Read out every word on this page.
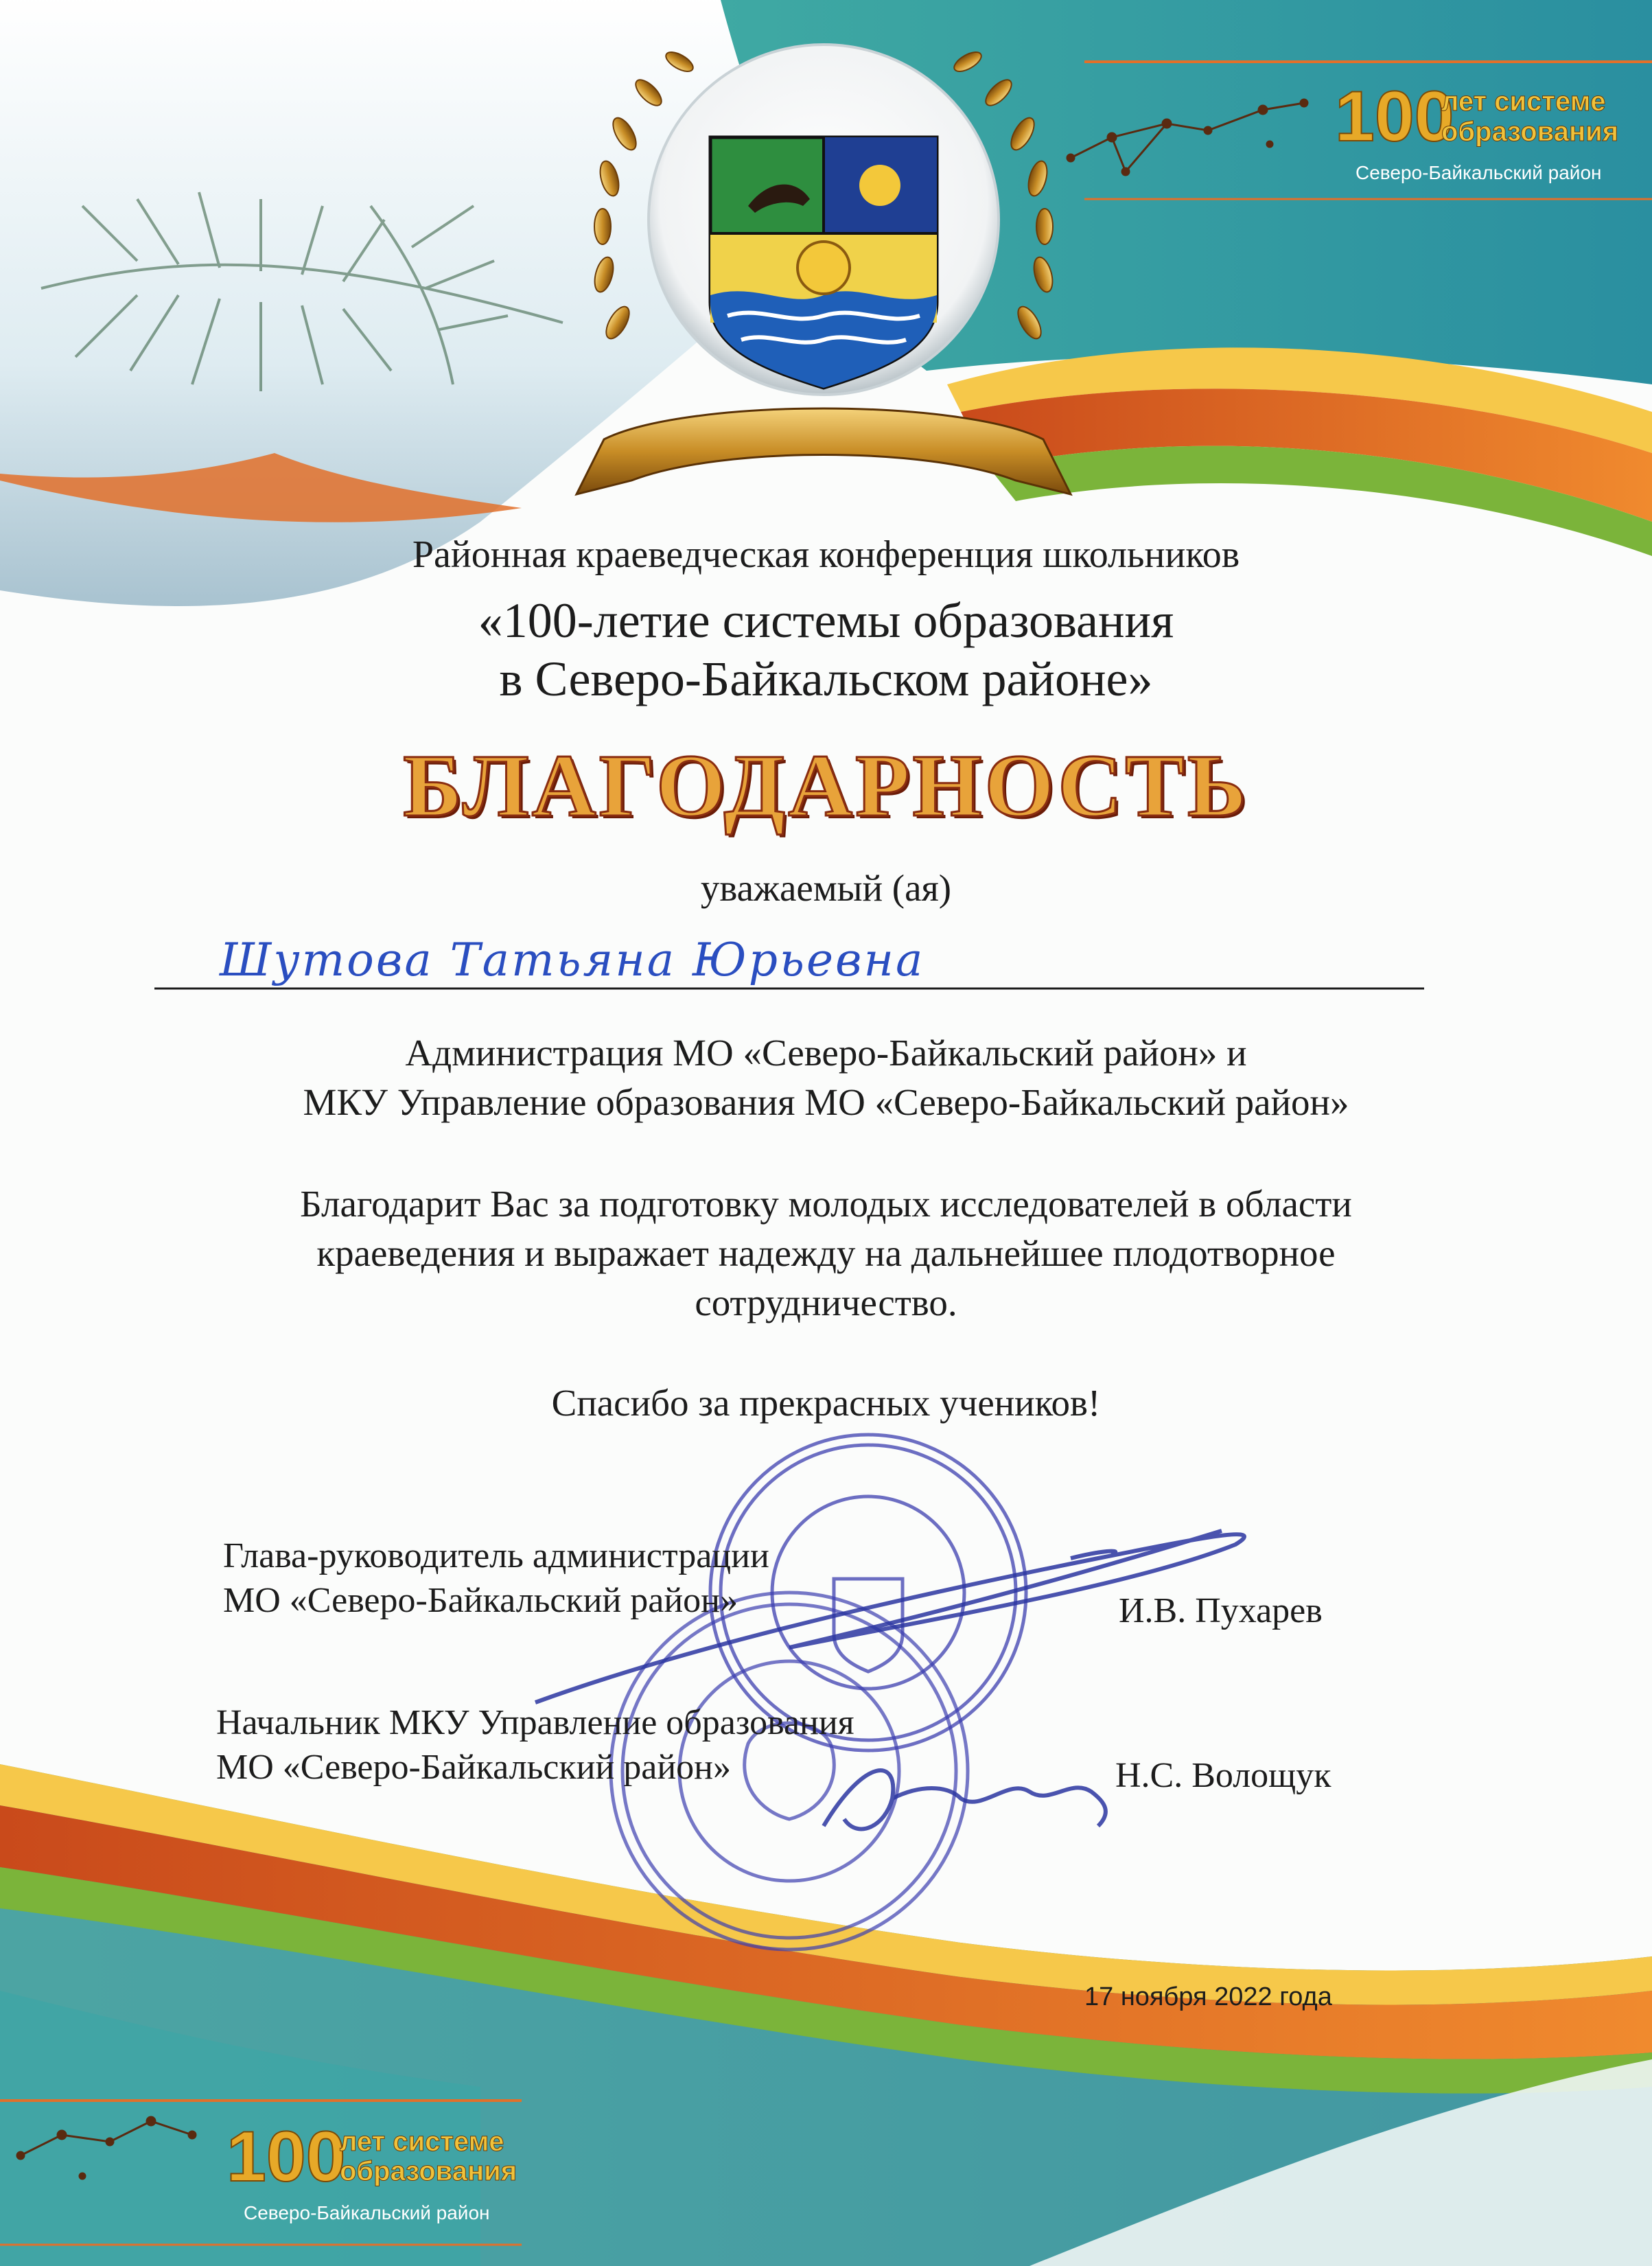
100
лет системе
образования
Северо-Байкальский район
100
лет системе
образования
Северо-Байкальский район
Районная краеведческая конференция школьников
«100-летие системы образования
в Северо-Байкальском районе»
БЛАГОДАРНОСТЬ
уважаемый (ая)
Шутова Татьяна Юрьевна
Администрация МО «Северо-Байкальский район» и
МКУ Управление образования МО «Северо-Байкальский район»
Благодарит Вас за подготовку молодых исследователей в области
краеведения и выражает надежду на дальнейшее плодотворное
сотрудничество.
Спасибо за прекрасных учеников!
Глава-руководитель администрации
МО «Северо-Байкальский район»	И.В. Пухарев
Начальник МКУ Управление образования
МО «Северо-Байкальский район»	Н.С. Волощук
17 ноября 2022 года
